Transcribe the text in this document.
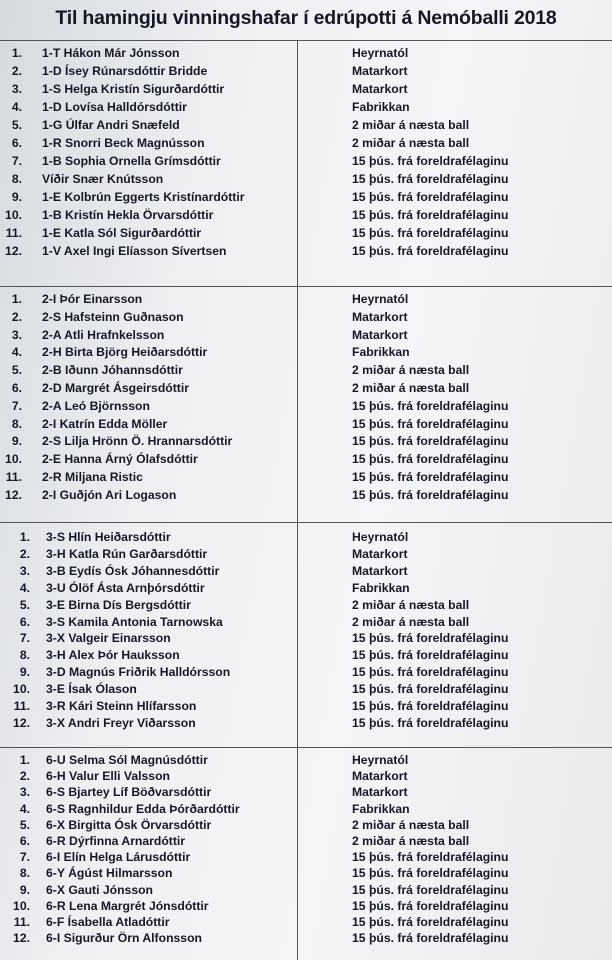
Til hamingju vinningshafar í edrúpotti á Nemóballi 2018
1. 1-T Hákon Már Jónsson	Heyrnatól
2. 1-D Ísey Rúnarsdóttir Bridde	Matarkort
3. 1-S Helga Kristín Sigurðardóttir	Matarkort
4. 1-D Lovísa Halldórsdóttir	Fabrikkan
5. 1-G Úlfar Andri Snæfeld	2 miðar á næsta ball
6. 1-R Snorri Beck Magnússon	2 miðar á næsta ball
7. 1-B Sophia Ornella Grímsdóttir	15 þús. frá foreldrafélaginu
8. Víðir Snær Knútsson	15 þús. frá foreldrafélaginu
9. 1-E Kolbrún Eggerts Kristínardóttir	15 þús. frá foreldrafélaginu
10. 1-B Kristín Hekla Örvarsdóttir	15 þús. frá foreldrafélaginu
11. 1-E Katla Sól Sigurðardóttir	15 þús. frá foreldrafélaginu
12. 1-V Axel Ingi Elíasson Sívertsen	15 þús. frá foreldrafélaginu
1. 2-I Þór Einarsson	Heyrnatól
2. 2-S Hafsteinn Guðnason	Matarkort
3. 2-A Atli Hrafnkelsson	Matarkort
4. 2-H Birta Björg Heiðarsdóttir	Fabrikkan
5. 2-B Iðunn Jóhannsdóttir	2 miðar á næsta ball
6. 2-D Margrét Ásgeirsdóttir	2 miðar á næsta ball
7. 2-A Leó Björnsson	15 þús. frá foreldrafélaginu
8. 2-I Katrín Edda Möller	15 þús. frá foreldrafélaginu
9. 2-S Lilja Hrönn Ö. Hrannarsdóttir	15 þús. frá foreldrafélaginu
10. 2-E Hanna Árný Ólafsdóttir	15 þús. frá foreldrafélaginu
11. 2-R Miljana Ristic	15 þús. frá foreldrafélaginu
12. 2-I Guðjón Ari Logason	15 þús. frá foreldrafélaginu
1. 3-S Hlín Heiðarsdóttir	Heyrnatól
2. 3-H Katla Rún Garðarsdóttir	Matarkort
3. 3-B Eydís Ósk Jóhannesdóttir	Matarkort
4. 3-U Ólöf Ásta Arnþórsdóttir	Fabrikkan
5. 3-E Birna Dís Bergsdóttir	2 miðar á næsta ball
6. 3-S Kamila Antonia Tarnowska	2 miðar á næsta ball
7. 3-X Valgeir Einarsson	15 þús. frá foreldrafélaginu
8. 3-H Alex Þór Hauksson	15 þús. frá foreldrafélaginu
9. 3-D Magnús Friðrik Halldórsson	15 þús. frá foreldrafélaginu
10. 3-E Ísak Ólason	15 þús. frá foreldrafélaginu
11. 3-R Kári Steinn Hlífarsson	15 þús. frá foreldrafélaginu
12. 3-X Andri Freyr Viðarsson	15 þús. frá foreldrafélaginu
1. 6-U Selma Sól Magnúsdóttir	Heyrnatól
2. 6-H Valur Elli Valsson	Matarkort
3. 6-S Bjartey Líf Böðvarsdóttir	Matarkort
4. 6-S Ragnhildur Edda Þórðardóttir	Fabrikkan
5. 6-X Birgitta Ósk Örvarsdóttir	2 miðar á næsta ball
6. 6-R Dýrfinna Arnardóttir	2 miðar á næsta ball
7. 6-I Elín Helga Lárusdóttir	15 þús. frá foreldrafélaginu
8. 6-Y Ágúst Hilmarsson	15 þús. frá foreldrafélaginu
9. 6-X Gauti Jónsson	15 þús. frá foreldrafélaginu
10. 6-R Lena Margrét Jónsdóttir	15 þús. frá foreldrafélaginu
11. 6-F Ísabella Atladóttir	15 þús. frá foreldrafélaginu
12. 6-I Sigurður Örn Alfonsson	15 þús. frá foreldrafélaginu
